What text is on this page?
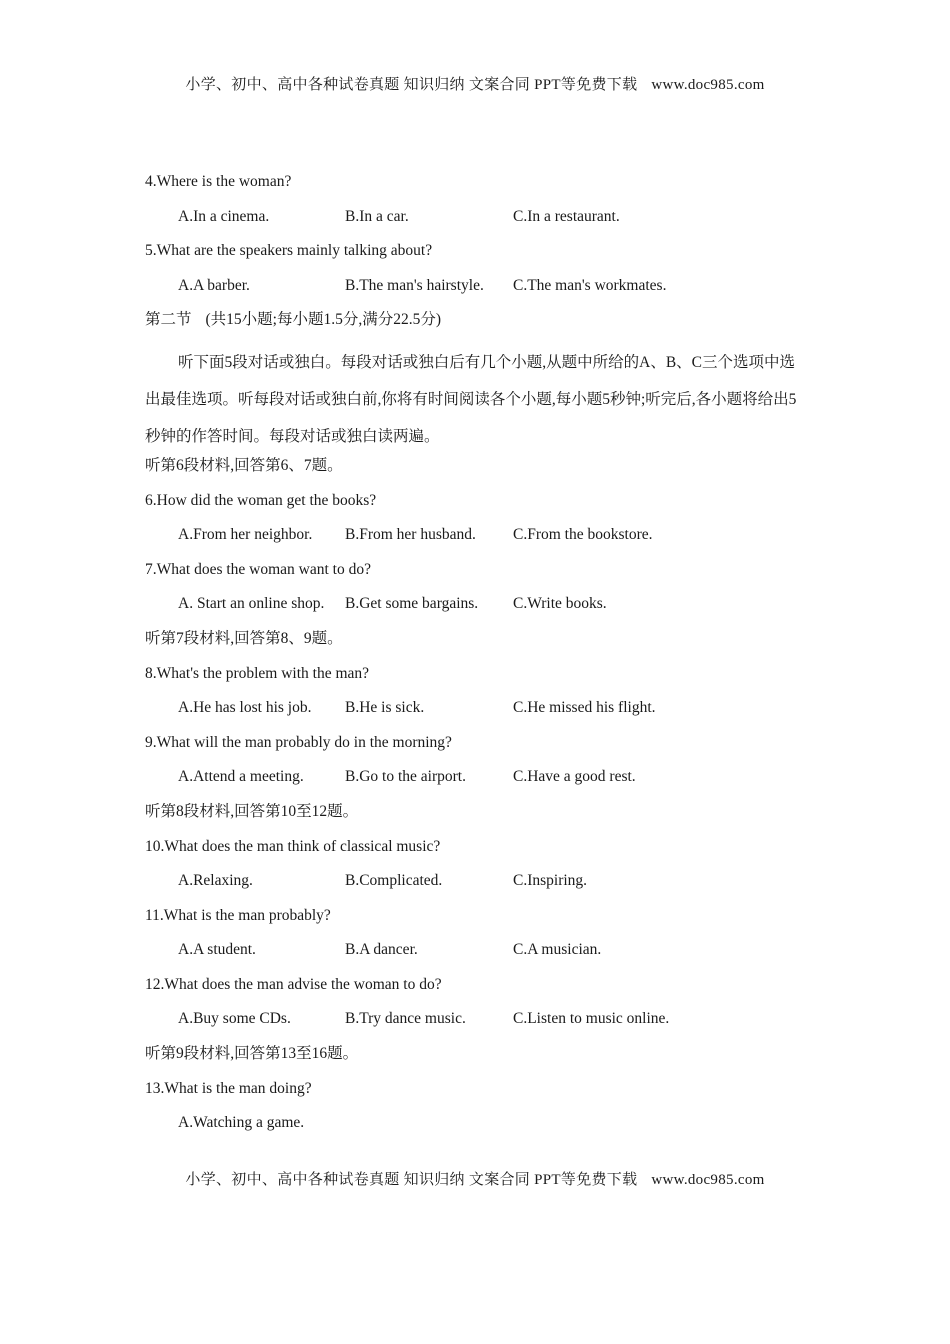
小学、初中、高中各种试卷真题 知识归纳 文案合同 PPT等免费下载 www.doc985.com
4.Where is the woman?
A.In a cinema.	B.In a car.	C.In a restaurant.
5.What are the speakers mainly talking about?
A.A barber.	B.The man's hairstyle. C.The man's workmates.
第二节 (共15小题;每小题1.5分,满分22.5分)
听下面5段对话或独白。每段对话或独白后有几个小题,从题中所给的A、B、C三个选项中选出最佳选项。听每段对话或独白前,你将有时间阅读各个小题,每小题5秒钟;听完后,各小题将给出5秒钟的作答时间。每段对话或独白读两遍。
听第6段材料,回答第6、7题。
6.How did the woman get the books?
A.From her neighbor. B.From her husband. C.From the bookstore.
7.What does the woman want to do?
A. Start an online shop. B.Get some bargains. C.Write books.
听第7段材料,回答第8、9题。
8.What's the problem with the man?
A.He has lost his job. B.He is sick.	C.He missed his flight.
9.What will the man probably do in the morning?
A.Attend a meeting.	B.Go to the airport.	C.Have a good rest.
听第8段材料,回答第10至12题。
10.What does the man think of classical music?
A.Relaxing.	B.Complicated.	C.Inspiring.
11.What is the man probably?
A.A student.	B.A dancer.	C.A musician.
12.What does the man advise the woman to do?
A.Buy some CDs.	B.Try dance music.	C.Listen to music online.
听第9段材料,回答第13至16题。
13.What is the man doing?
A.Watching a game.
小学、初中、高中各种试卷真题 知识归纳 文案合同 PPT等免费下载 www.doc985.com
